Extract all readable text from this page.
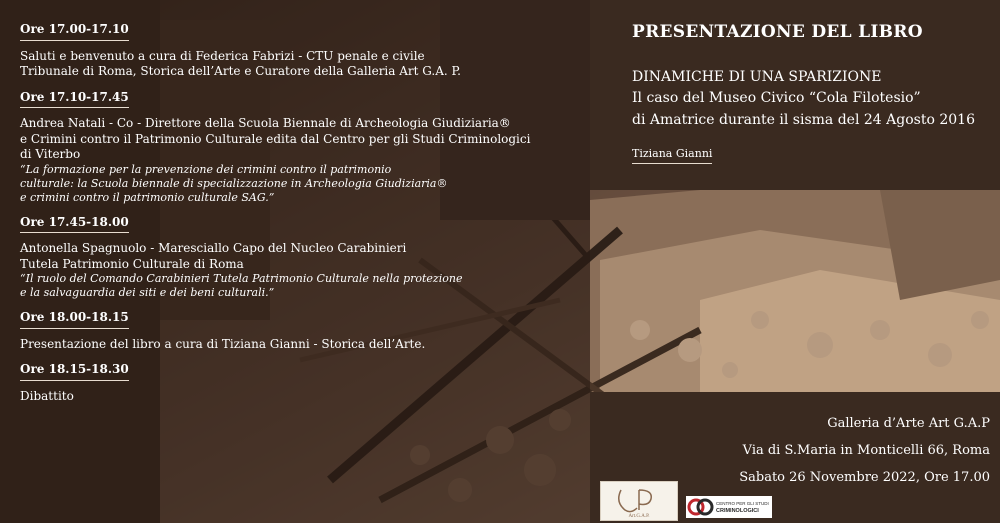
Ore 17.00-17.10
Saluti e benvenuto a cura di Federica Fabrizi - CTU penale e civile
Tribunale di Roma, Storica dell’Arte e Curatore della Galleria Art G.A. P.
Ore 17.10-17.45
Andrea Natali - Co - Direttore della Scuola Biennale di Archeologia Giudiziaria®
e Crimini contro il Patrimonio Culturale edita dal Centro per gli Studi Criminologici
di Viterbo
“La formazione per la prevenzione dei crimini contro il patrimonio
culturale: la Scuola biennale di specializzazione in Archeologia Giudiziaria®
e crimini contro il patrimonio culturale SAG.”
Ore 17.45-18.00
Antonella Spagnuolo - Maresciallo Capo del Nucleo Carabinieri
Tutela Patrimonio Culturale di Roma
“Il ruolo del Comando Carabinieri Tutela Patrimonio Culturale nella protezione
e la salvaguardia dei siti e dei beni culturali.”
Ore 18.00-18.15
Presentazione del libro a cura di Tiziana Gianni - Storica dell’Arte.
Ore 18.15-18.30
Dibattito
PRESENTAZIONE DEL LIBRO
DINAMICHE DI UNA SPARIZIONE
Il caso del Museo Civico “Cola Filotesio”
di Amatrice durante il sisma del 24 Agosto 2016
Tiziana Gianni
Galleria d’Arte Art G.A.P
Via di S.Maria in Monticelli 66, Roma
Sabato 26 Novembre 2022, Ore 17.00
Art.G.A.P.
CENTRO PER GLI STUDI
CRIMINOLOGICI
